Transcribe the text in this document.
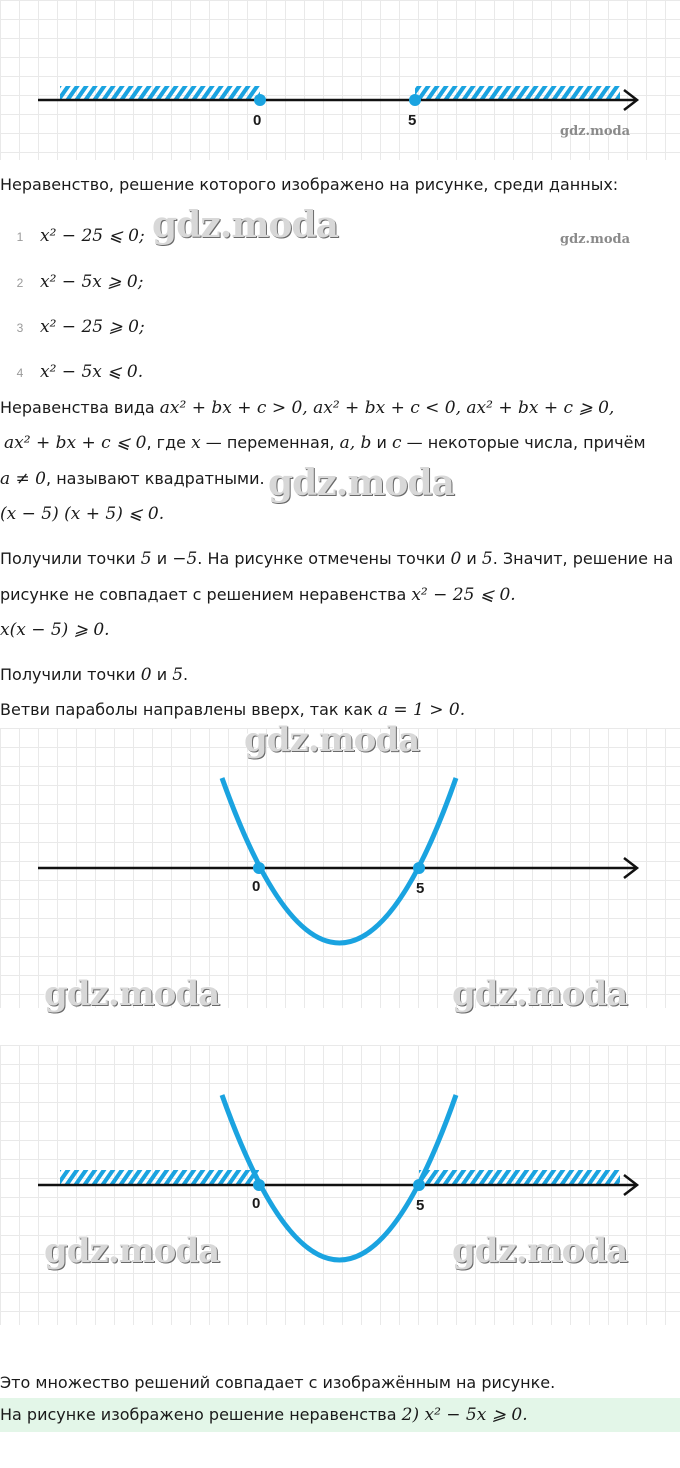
0	5
gdz.moda
Неравенство, решение которого изображено на рисунке, среди данных:
1 x² − 25 ⩽ 0; gdz.moda	gdz.moda
2 x² − 5x ⩾ 0;
3 x² − 25 ⩾ 0;
4 x² − 5x ⩽ 0.
Неравенства вида ax² + bx + c > 0, ax² + bx + c < 0, ax² + bx + c ⩾ 0,
ax² + bx + c ⩽ 0, где x — переменная, a, b и c — некоторые числа, причём
a ≠ 0, называют квадратными. gdz.moda
(x − 5) (x + 5) ⩽ 0.
Получили точки 5 и −5. На рисунке отмечены точки 0 и 5. Значит, решение на
рисунке не совпадает с решением неравенства x² − 25 ⩽ 0.
x(x − 5) ⩾ 0.
Получили точки 0 и 5.
Ветви параболы направлены вверх, так как a = 1 > 0.
0	5
gdz.moda
gdz.moda	gdz.moda
0	5
gdz.moda	gdz.moda
Это множество решений совпадает с изображённым на рисунке.
На рисунке изображено решение неравенства 2) x² − 5x ⩾ 0.
